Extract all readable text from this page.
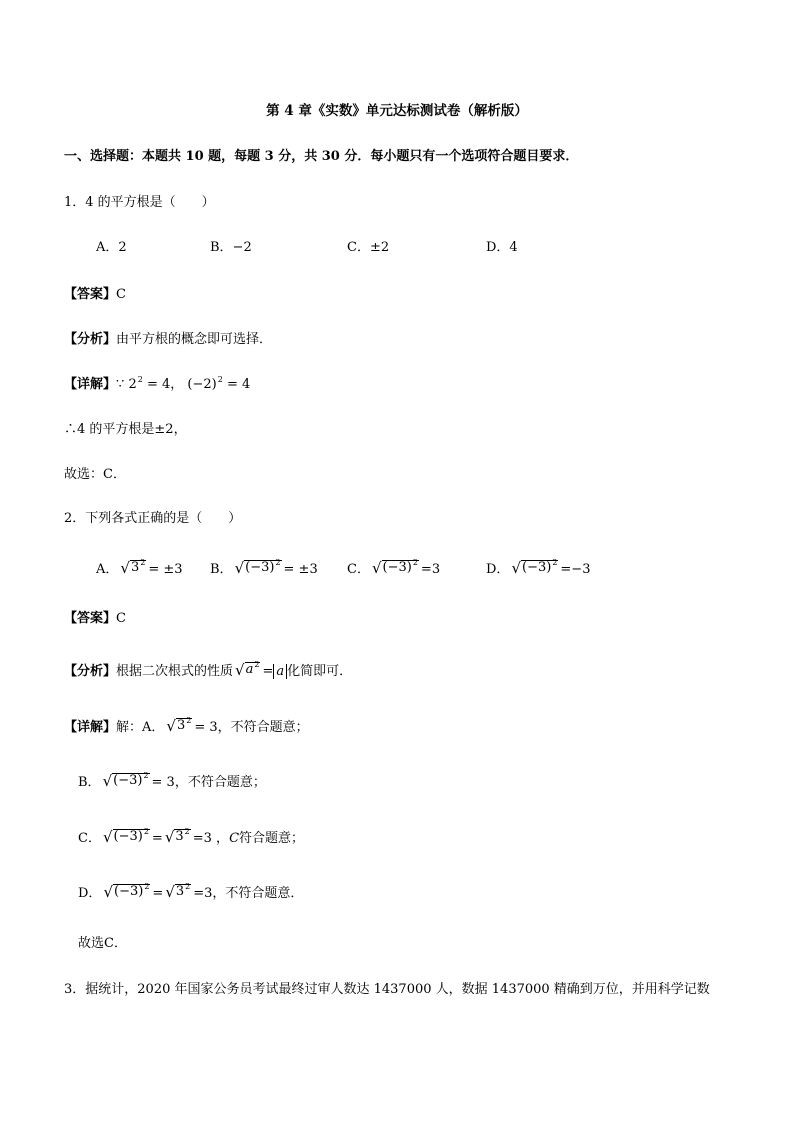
第 4 章《实数》单元达标测试卷（解析版）
一、选择题：本题共 10 题，每题 3 分，共 30 分．每小题只有一个选项符合题目要求．
1．4 的平方根是（　　）
A．2	B．−2	C．±2	D．4
【答案】C
【分析】由平方根的概念即可选择．
【详解】∵ $2^2 = 4$， $(-2)^2 = 4$
∴4 的平方根是±2，
故选：C．
2．下列各式正确的是（　　）
A． √ $3^2 = \pm 3$ B． √ $(-3)^2 = \pm 3$ C． √ $(-3)^2 =3$	D． √ $(-3)^2 =-3$
【答案】C
【分析】根据二次根式的性质 √ $a^2 = a$ 化简即可．
【详解】解：A． √ $3^2 = 3$，不符合题意；
B． √ $(-3)^2 = 3$，不符合题意；
C． √ $(-3)^2$ = √ $3^2 =3$ ，C符合题意；
D． √ $(-3)^2$ = √ $3^2 =3$，不符合题意．
故选C．
3．据统计，2020 年国家公务员考试最终过审人数达 1437000 人，数据 1437000 精确到万位，并用科学记数
